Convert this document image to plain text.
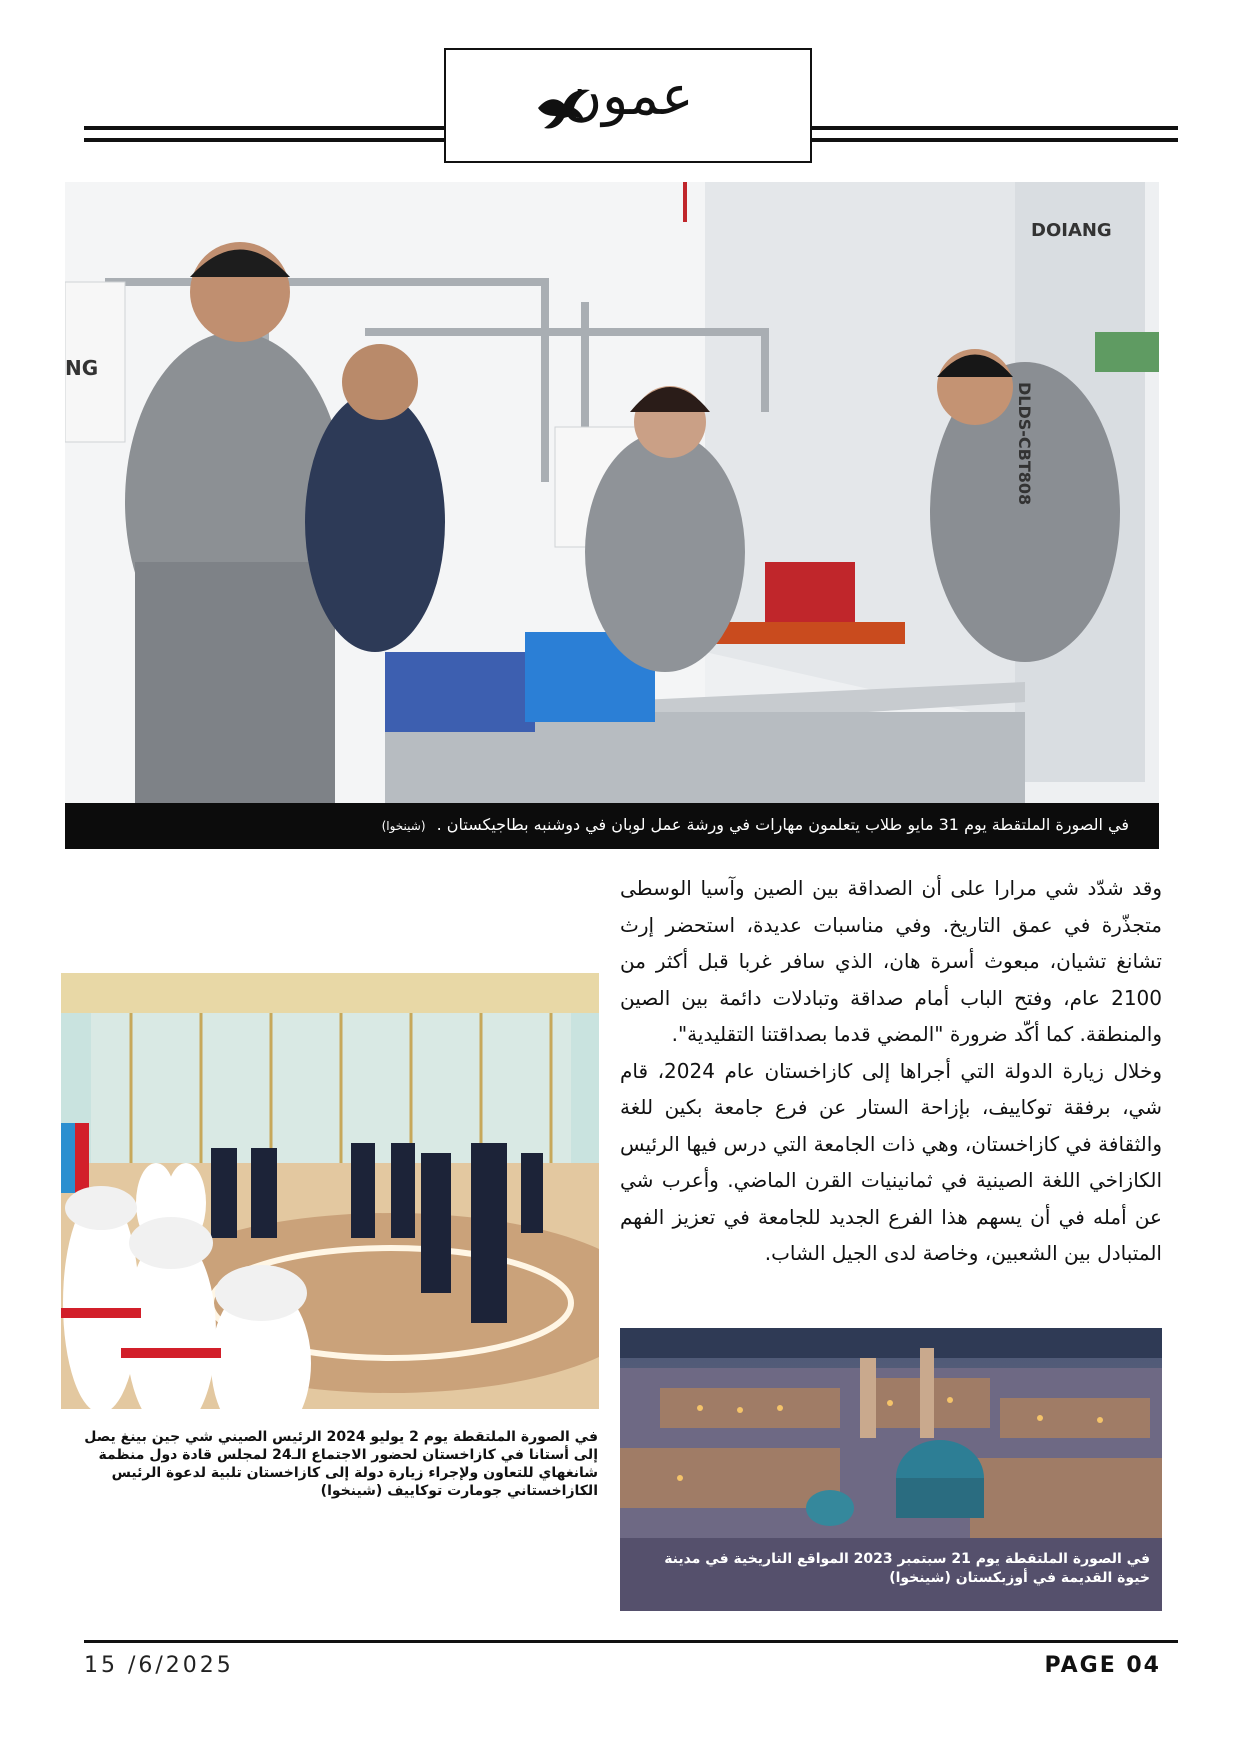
عمون
DOIANG
DLDS-CBT808
NG
في الصورة الملتقطة يوم 31 مايو طلاب يتعلمون مهارات في ورشة عمل لوبان في دوشنبه بطاجيكستان . (شينخوا)

وقد شدّد شي مرارا على أن الصداقة بين الصين وآسيا الوسطى متجذّرة في عمق التاريخ. وفي مناسبات عديدة، استحضر إرث تشانغ تشيان، مبعوث أسرة هان، الذي سافر غربا قبل أكثر من 2100 عام، وفتح الباب أمام صداقة وتبادلات دائمة بين الصين والمنطقة. كما أكّد ضرورة "المضي قدما بصداقتنا التقليدية".

وخلال زيارة الدولة التي أجراها إلى كازاخستان عام 2024، قام شي، برفقة توكاييف، بإزاحة الستار عن فرع جامعة بكين للغة والثقافة في كازاخستان، وهي ذات الجامعة التي درس فيها الرئيس الكازاخي اللغة الصينية في ثمانينيات القرن الماضي. وأعرب شي عن أمله في أن يسهم هذا الفرع الجديد للجامعة في تعزيز الفهم المتبادل بين الشعبين، وخاصة لدى الجيل الشاب.

في الصورة الملتقطة يوم 2 يوليو 2024 الرئيس الصيني شي جين بينغ يصل إلى أستانا في كازاخستان لحضور الاجتماع الـ24 لمجلس قادة دول منظمة شانغهاي للتعاون ولإجراء زيارة دولة إلى كازاخستان تلبية لدعوة الرئيس الكازاخستاني جومارت توكاييف (شينخوا)
في الصورة الملتقطة يوم 21 سبتمبر 2023 المواقع التاريخية في مدينة خيوة القديمة في أوزبكستان (شينخوا)
15 /6/2025	PAGE 04
